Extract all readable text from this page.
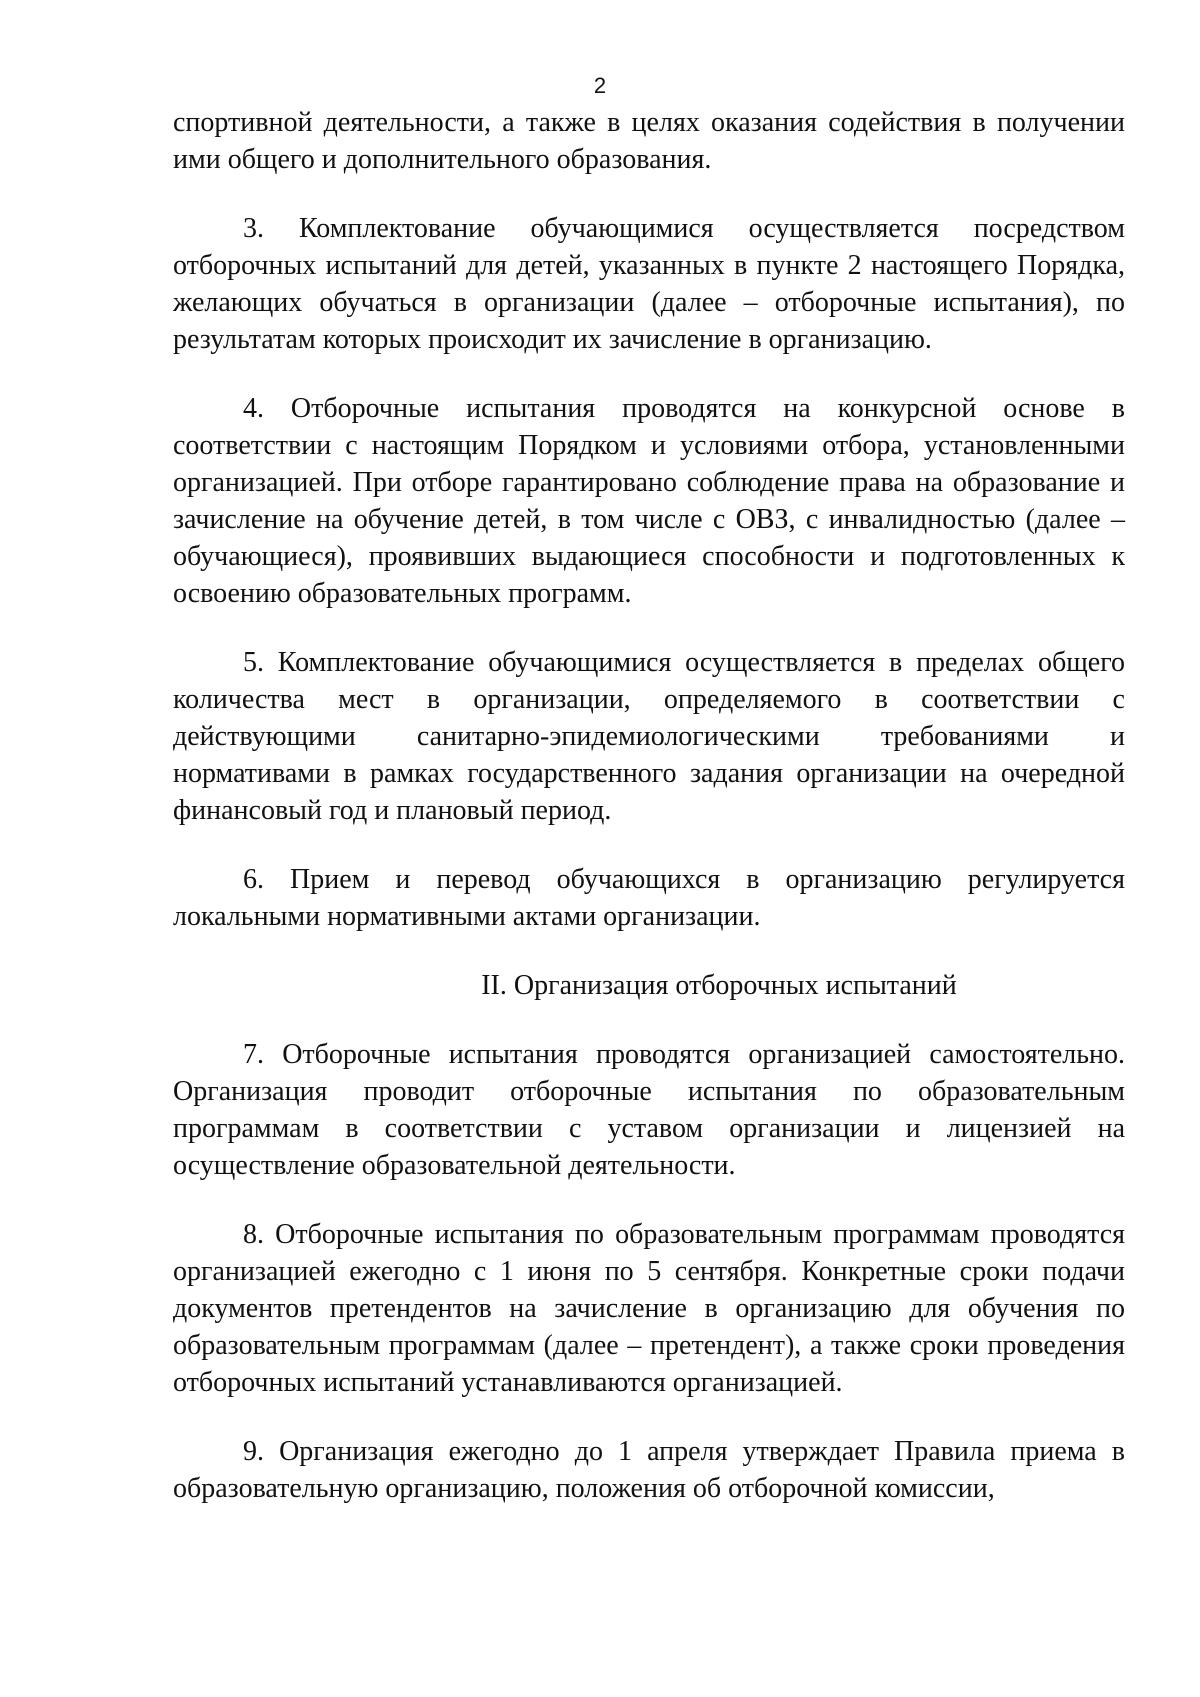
2

спортивной деятельности, а также в целях оказания содействия в получении ими общего и дополнительного образования.

3. Комплектование обучающимися осуществляется посредством отборочных испытаний для детей, указанных в пункте 2 настоящего Порядка, желающих обучаться в организации (далее – отборочные испытания), по результатам которых происходит их зачисление в организацию.

4. Отборочные испытания проводятся на конкурсной основе в соответствии с настоящим Порядком и условиями отбора, установленными организацией. При отборе гарантировано соблюдение права на образование и зачисление на обучение детей, в том числе с ОВЗ, с инвалидностью (далее – обучающиеся), проявивших выдающиеся способности и подготовленных к освоению образовательных программ.

5. Комплектование обучающимися осуществляется в пределах общего количества мест в организации, определяемого в соответствии с действующими санитарно-эпидемиологическими требованиями и нормативами в рамках государственного задания организации на очередной финансовый год и плановый период.

6. Прием и перевод обучающихся в организацию регулируется локальными нормативными актами организации.

II. Организация отборочных испытаний

7. Отборочные испытания проводятся организацией самостоятельно. Организация проводит отборочные испытания по образовательным программам в соответствии с уставом организации и лицензией на осуществление образовательной деятельности.

8. Отборочные испытания по образовательным программам проводятся организацией ежегодно с 1 июня по 5 сентября. Конкретные сроки подачи документов претендентов на зачисление в организацию для обучения по образовательным программам (далее – претендент), а также сроки проведения отборочных испытаний устанавливаются организацией.

9. Организация ежегодно до 1 апреля утверждает Правила приема в образовательную организацию, положения об отборочной комиссии,
